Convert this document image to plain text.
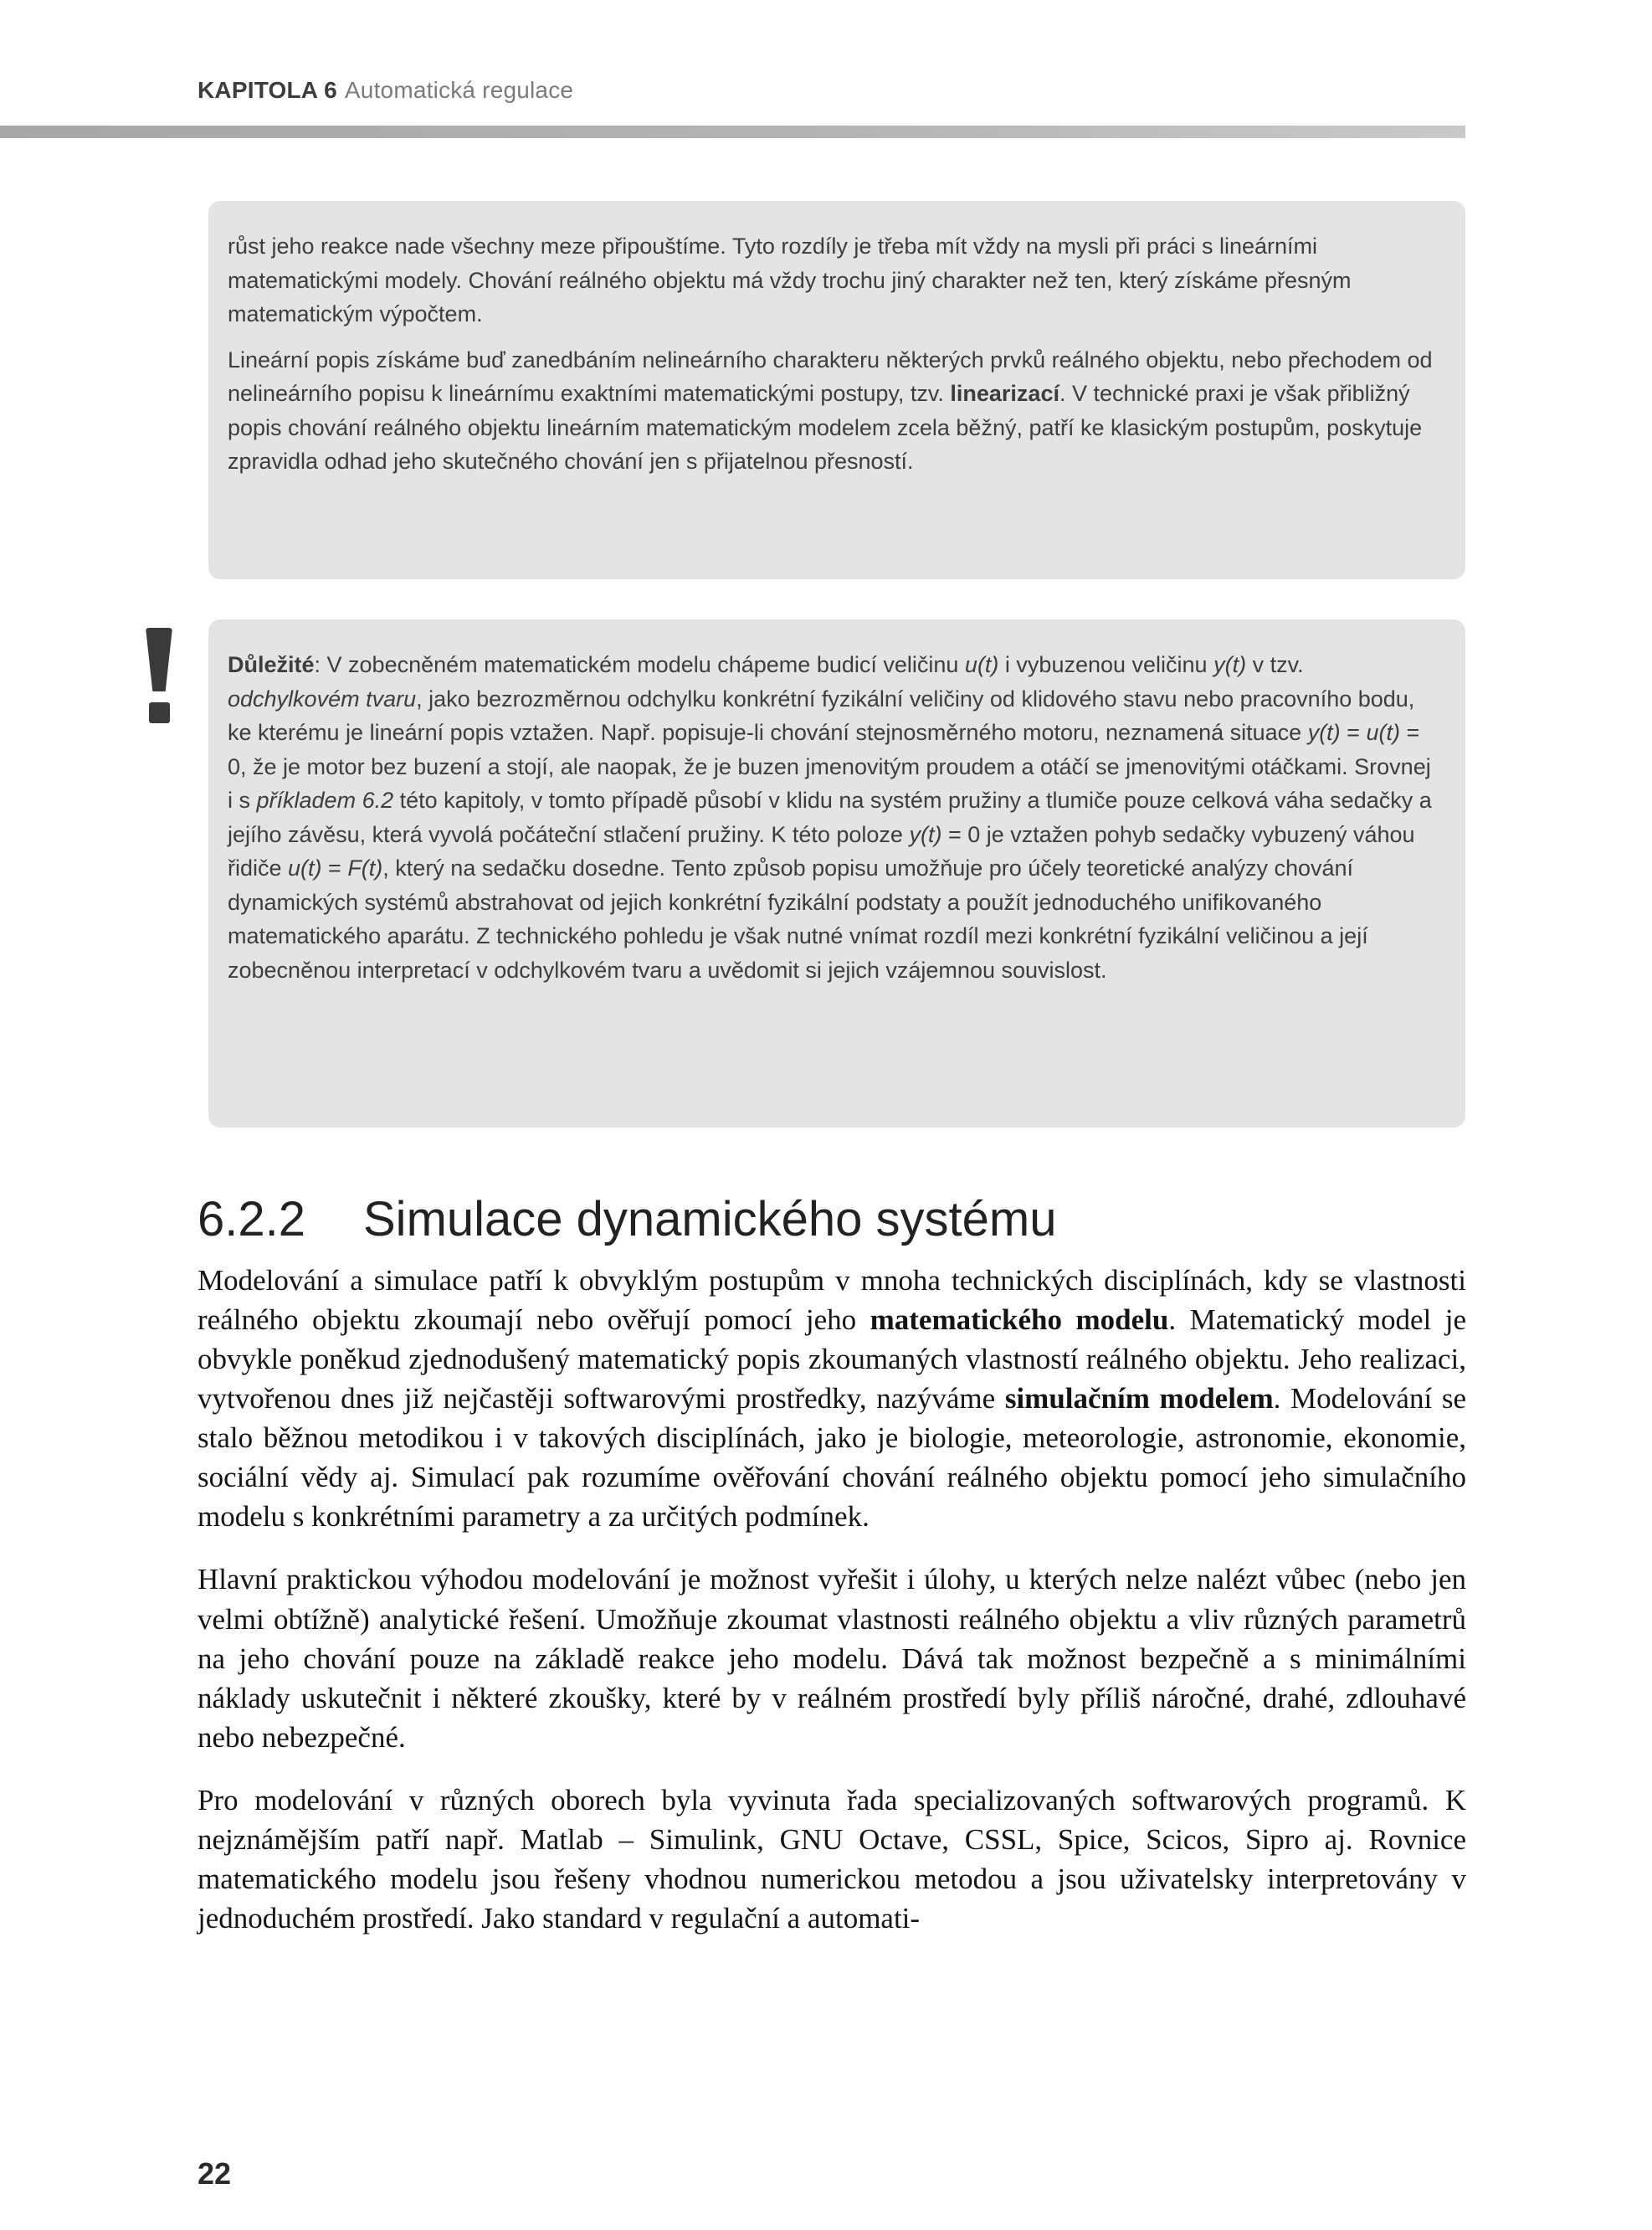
KAPITOLA 6 Automatická regulace

růst jeho reakce nade všechny meze připouštíme. Tyto rozdíly je třeba mít vždy na mysli při práci s lineárními matematickými modely. Chování reálného objektu má vždy trochu jiný charakter než ten, který získáme přesným matematickým výpočtem.

Lineární popis získáme buď zanedbáním nelineárního charakteru některých prvků reálného objektu, nebo přechodem od nelineárního popisu k lineárnímu exaktními matematickými postupy, tzv. linearizací. V technické praxi je však přibližný popis chování reálného objektu lineárním matematickým modelem zcela běžný, patří ke klasickým postupům, poskytuje zpravidla odhad jeho skutečného chování jen s přijatelnou přesností.

Důležité: V zobecněném matematickém modelu chápeme budicí veličinu u(t) i vybuzenou veličinu y(t) v tzv. odchylkovém tvaru, jako bezrozměrnou odchylku konkrétní fyzikální veličiny od klidového stavu nebo pracovního bodu, ke kterému je lineární popis vztažen. Např. popisuje-li chování stejnosměrného motoru, neznamená situace y(t) = u(t) = 0, že je motor bez buzení a stojí, ale naopak, že je buzen jmenovitým proudem a otáčí se jmenovitými otáčkami. Srovnej i s příkladem 6.2 této kapitoly, v tomto případě působí v klidu na systém pružiny a tlumiče pouze celková váha sedačky a jejího závěsu, která vyvolá počáteční stlačení pružiny. K této poloze y(t) = 0 je vztažen pohyb sedačky vybuzený váhou řidiče u(t) = F(t), který na sedačku dosedne. Tento způsob popisu umožňuje pro účely teoretické analýzy chování dynamických systémů abstrahovat od jejich konkrétní fyzikální podstaty a použít jednoduchého unifikovaného matematického aparátu. Z technického pohledu je však nutné vnímat rozdíl mezi konkrétní fyzikální veličinou a její zobecněnou interpretací v odchylkovém tvaru a uvědomit si jejich vzájemnou souvislost.

6.2.2 Simulace dynamického systému

Modelování a simulace patří k obvyklým postupům v mnoha technických disciplínách, kdy se vlastnosti reálného objektu zkoumají nebo ověřují pomocí jeho matematického modelu. Matematický model je obvykle poněkud zjednodušený matematický popis zkoumaných vlastností reálného objektu. Jeho realizaci, vytvořenou dnes již nejčastěji softwarovými prostředky, nazýváme simulačním modelem. Modelování se stalo běžnou metodikou i v takových disciplínách, jako je biologie, meteorologie, astronomie, ekonomie, sociální vědy aj. Simulací pak rozumíme ověřování chování reálného objektu pomocí jeho simulačního modelu s konkrétními parametry a za určitých podmínek.

Hlavní praktickou výhodou modelování je možnost vyřešit i úlohy, u kterých nelze nalézt vůbec (nebo jen velmi obtížně) analytické řešení. Umožňuje zkoumat vlastnosti reálného objektu a vliv různých parametrů na jeho chování pouze na základě reakce jeho modelu. Dává tak možnost bezpečně a s minimálními náklady uskutečnit i některé zkoušky, které by v reálném prostředí byly příliš náročné, drahé, zdlouhavé nebo nebezpečné.

Pro modelování v různých oborech byla vyvinuta řada specializovaných softwarových programů. K nejznámějším patří např. Matlab – Simulink, GNU Octave, CSSL, Spice, Scicos, Sipro aj. Rovnice matematického modelu jsou řešeny vhodnou numerickou metodou a jsou uživatelsky interpretovány v jednoduchém prostředí. Jako standard v regulační a automati-

22
